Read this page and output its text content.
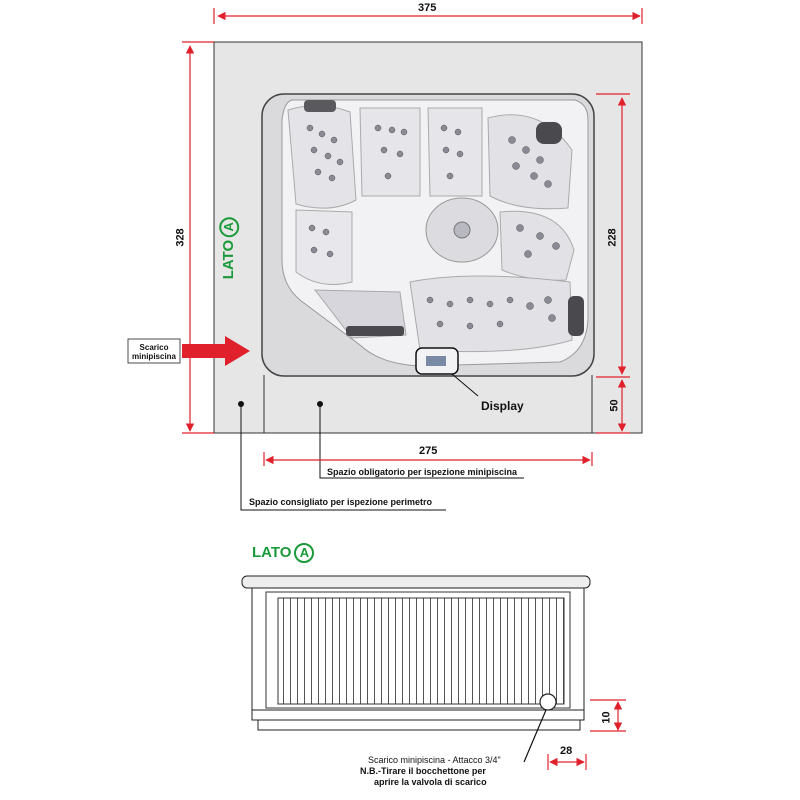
375
328	228
50
275
LATOA
Scarico
minipiscina
Display
Spazio obligatorio per ispezione minipiscina
Spazio consigliato per ispezione perimetro
LATO A
10
28
Scarico minipiscina - Attacco 3/4"
N.B.-Tirare il bocchettone per
aprire la valvola di scarico
